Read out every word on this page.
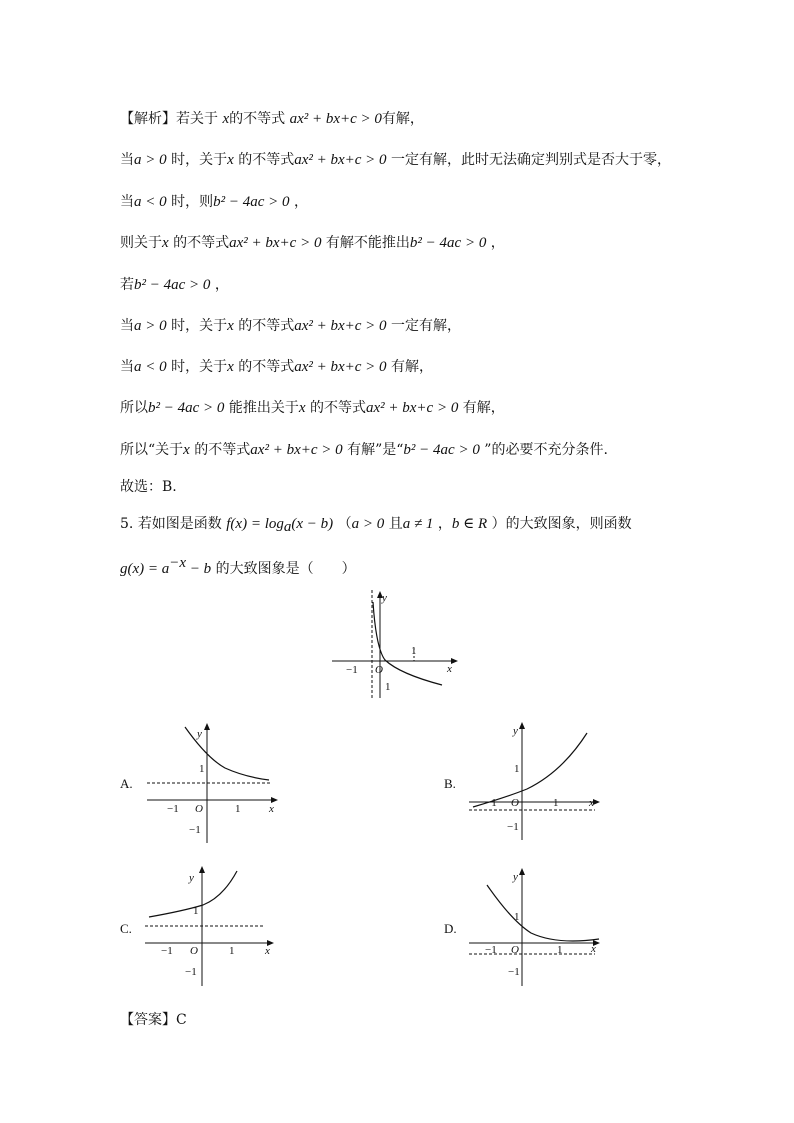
【解析】若关于 x的不等式 ax² + bx+c > 0有解，
当a > 0 时，关于x 的不等式ax² + bx+c > 0 一定有解，此时无法确定判别式是否大于零，
当a < 0 时，则b² − 4ac > 0 ，
则关于x 的不等式ax² + bx+c > 0 有解不能推出b² − 4ac > 0 ，
若b² − 4ac > 0 ，
当a > 0 时，关于x 的不等式ax² + bx+c > 0 一定有解，
当a < 0 时，关于x 的不等式ax² + bx+c > 0 有解，
所以b² − 4ac > 0 能推出关于x 的不等式ax² + bx+c > 0 有解，
所以“关于x 的不等式ax² + bx+c > 0 有解”是“b² − 4ac > 0 ”的必要不充分条件.
故选：B.
5. 若如图是函数 $f(x) = \log_a(x - b) (a > 0$ 且a ≠ 1 ，b ∈ R ）的大致图象，则函数
$g(x) = a^{-x} - b$ 的大致图象是（　　）
y
x
O
1
−1
1
A.
y
x
O	1
−1
1
−1
B.
y
x
O	1
−1
1
−1
C.
y
x
O	1
−1
1
−1
D.
y
x
O	1
−1
1
−1
【答案】C
